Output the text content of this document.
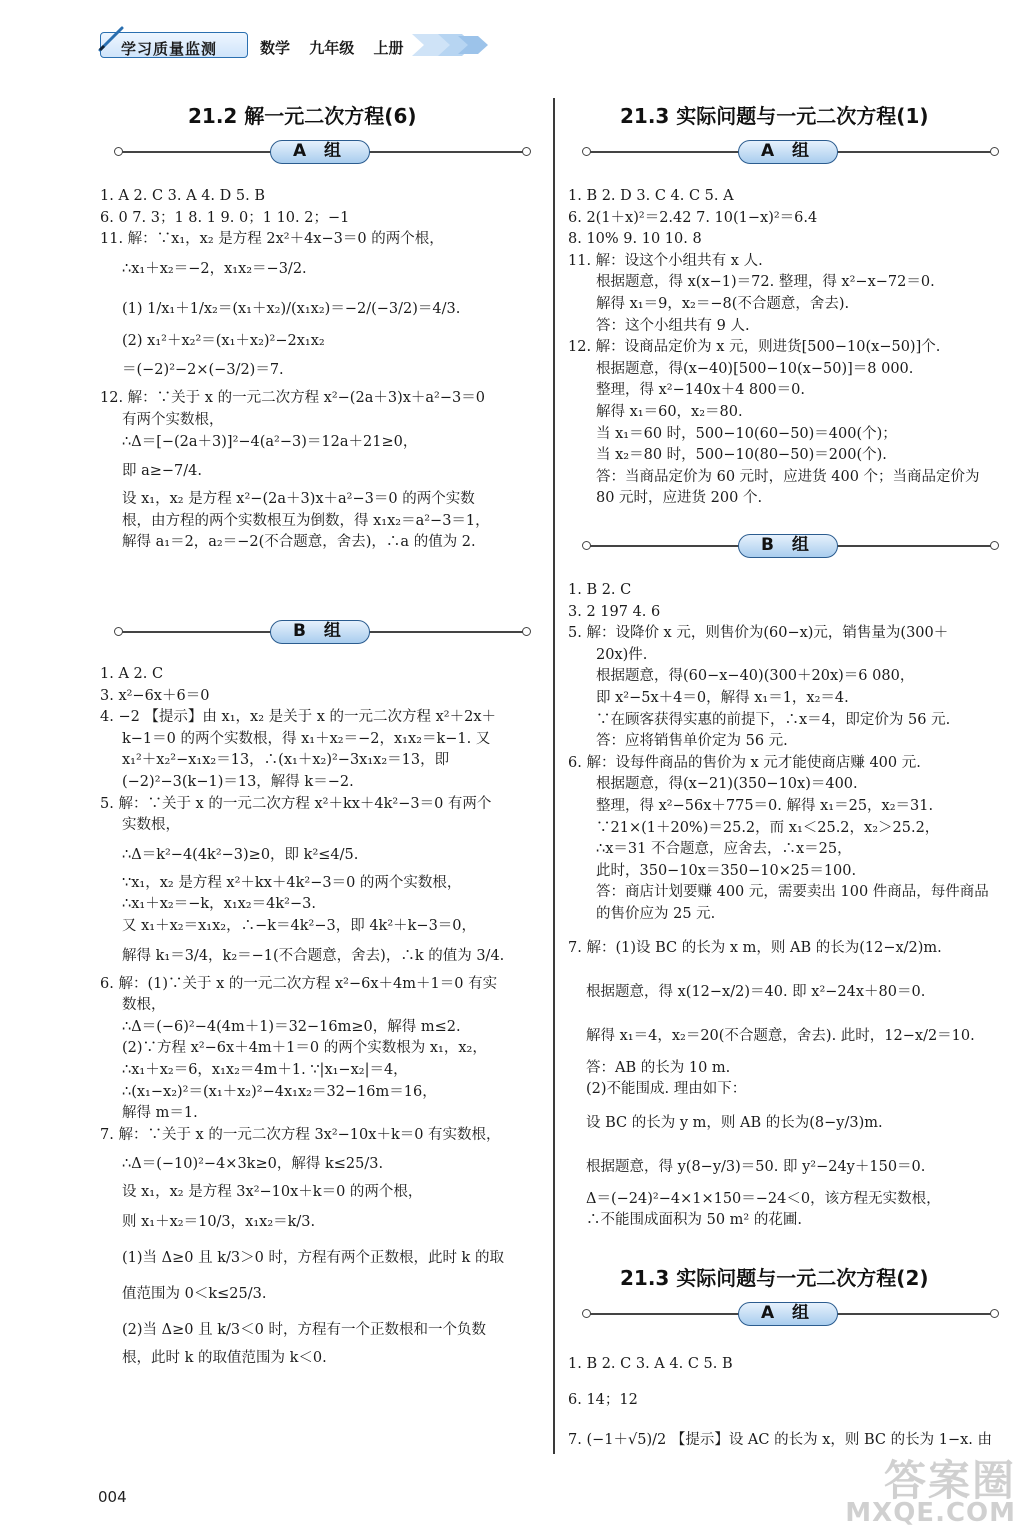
学习质量监测	数学 九年级 上册
21.2 解一元二次方程(6)
A 组
1. A 2. C 3. A 4. D 5. B
6. 0 7. 3；1 8. 1 9. 0；1 10. 2；−1
11. 解：∵x₁，x₂ 是方程 2x²＋4x−3＝0 的两个根，
∴x₁＋x₂＝−2，x₁x₂＝−3/2.
(1) 1/x₁＋1/x₂＝(x₁＋x₂)/(x₁x₂)＝−2/(−3/2)＝4/3.
(2) x₁²＋x₂²＝(x₁＋x₂)²−2x₁x₂
＝(−2)²−2×(−3/2)＝7.
12. 解：∵关于 x 的一元二次方程 x²−(2a＋3)x＋a²−3＝0
有两个实数根，
∴Δ＝[−(2a＋3)]²−4(a²−3)＝12a＋21≥0，
即 a≥−7/4.
设 x₁，x₂ 是方程 x²−(2a＋3)x＋a²−3＝0 的两个实数
根，由方程的两个实数根互为倒数，得 x₁x₂＝a²−3＝1，
解得 a₁＝2，a₂＝−2(不合题意，舍去)，∴a 的值为 2.
B 组
1. A 2. C
3. x²−6x＋6＝0
4. −2 【提示】由 x₁，x₂ 是关于 x 的一元二次方程 x²＋2x＋
k−1＝0 的两个实数根，得 x₁＋x₂＝−2，x₁x₂＝k−1. 又
x₁²＋x₂²−x₁x₂＝13，∴(x₁＋x₂)²−3x₁x₂＝13，即
(−2)²−3(k−1)＝13，解得 k＝−2.
5. 解：∵关于 x 的一元二次方程 x²＋kx＋4k²−3＝0 有两个
实数根，
∴Δ＝k²−4(4k²−3)≥0，即 k²≤4/5.
∵x₁，x₂ 是方程 x²＋kx＋4k²−3＝0 的两个实数根，
∴x₁＋x₂＝−k，x₁x₂＝4k²−3.
又 x₁＋x₂＝x₁x₂，∴−k＝4k²−3，即 4k²＋k−3＝0，
解得 k₁＝3/4，k₂＝−1(不合题意，舍去)，∴k 的值为 3/4.
6. 解：(1)∵关于 x 的一元二次方程 x²−6x＋4m＋1＝0 有实
数根，
∴Δ＝(−6)²−4(4m＋1)＝32−16m≥0，解得 m≤2.
(2)∵方程 x²−6x＋4m＋1＝0 的两个实数根为 x₁，x₂，
∴x₁＋x₂＝6，x₁x₂＝4m＋1. ∵|x₁−x₂|＝4，
∴(x₁−x₂)²＝(x₁＋x₂)²−4x₁x₂＝32−16m＝16，
解得 m＝1.
7. 解：∵关于 x 的一元二次方程 3x²−10x＋k＝0 有实数根，
∴Δ＝(−10)²−4×3k≥0，解得 k≤25/3.
设 x₁，x₂ 是方程 3x²−10x＋k＝0 的两个根，
则 x₁＋x₂＝10/3，x₁x₂＝k/3.
(1)当 Δ≥0 且 k/3＞0 时，方程有两个正数根，此时 k 的取
值范围为 0＜k≤25/3.
(2)当 Δ≥0 且 k/3＜0 时，方程有一个正数根和一个负数
根，此时 k 的取值范围为 k＜0.
21.3 实际问题与一元二次方程(1)
A 组
1. B 2. D 3. C 4. C 5. A
6. 2(1＋x)²＝2.42 7. 10(1−x)²＝6.4
8. 10% 9. 10 10. 8
11. 解：设这个小组共有 x 人.
根据题意，得 x(x−1)＝72. 整理，得 x²−x−72＝0.
解得 x₁＝9，x₂＝−8(不合题意，舍去).
答：这个小组共有 9 人.
12. 解：设商品定价为 x 元，则进货[500−10(x−50)]个.
根据题意，得(x−40)[500−10(x−50)]＝8 000.
整理，得 x²−140x＋4 800＝0.
解得 x₁＝60，x₂＝80.
当 x₁＝60 时，500−10(60−50)＝400(个)；
当 x₂＝80 时，500−10(80−50)＝200(个).
答：当商品定价为 60 元时，应进货 400 个；当商品定价为
80 元时，应进货 200 个.
B 组
1. B 2. C
3. 2 197 4. 6
5. 解：设降价 x 元，则售价为(60−x)元，销售量为(300＋
20x)件.
根据题意，得(60−x−40)(300＋20x)＝6 080，
即 x²−5x＋4＝0，解得 x₁＝1，x₂＝4.
∵在顾客获得实惠的前提下，∴x＝4，即定价为 56 元.
答：应将销售单价定为 56 元.
6. 解：设每件商品的售价为 x 元才能使商店赚 400 元.
根据题意，得(x−21)(350−10x)＝400.
整理，得 x²−56x＋775＝0. 解得 x₁＝25，x₂＝31.
∵21×(1＋20%)＝25.2，而 x₁＜25.2，x₂＞25.2，
∴x＝31 不合题意，应舍去，∴x＝25，
此时，350−10x＝350−10×25＝100.
答：商店计划要赚 400 元，需要卖出 100 件商品，每件商品
的售价应为 25 元.
7. 解：(1)设 BC 的长为 x m，则 AB 的长为(12−x/2)m.
根据题意，得 x(12−x/2)＝40. 即 x²−24x＋80＝0.
解得 x₁＝4，x₂＝20(不合题意，舍去). 此时，12−x/2＝10.
答：AB 的长为 10 m.
(2)不能围成. 理由如下：
设 BC 的长为 y m，则 AB 的长为(8−y/3)m.
根据题意，得 y(8−y/3)＝50. 即 y²−24y＋150＝0.
Δ＝(−24)²−4×1×150＝−24＜0，该方程无实数根，
∴不能围成面积为 50 m² 的花圃.
21.3 实际问题与一元二次方程(2)
A 组
1. B 2. C 3. A 4. C 5. B
6. 14；12
7. (−1＋√5)/2 【提示】设 AC 的长为 x，则 BC 的长为 1−x. 由
004	答案圈
MXQE.COM
